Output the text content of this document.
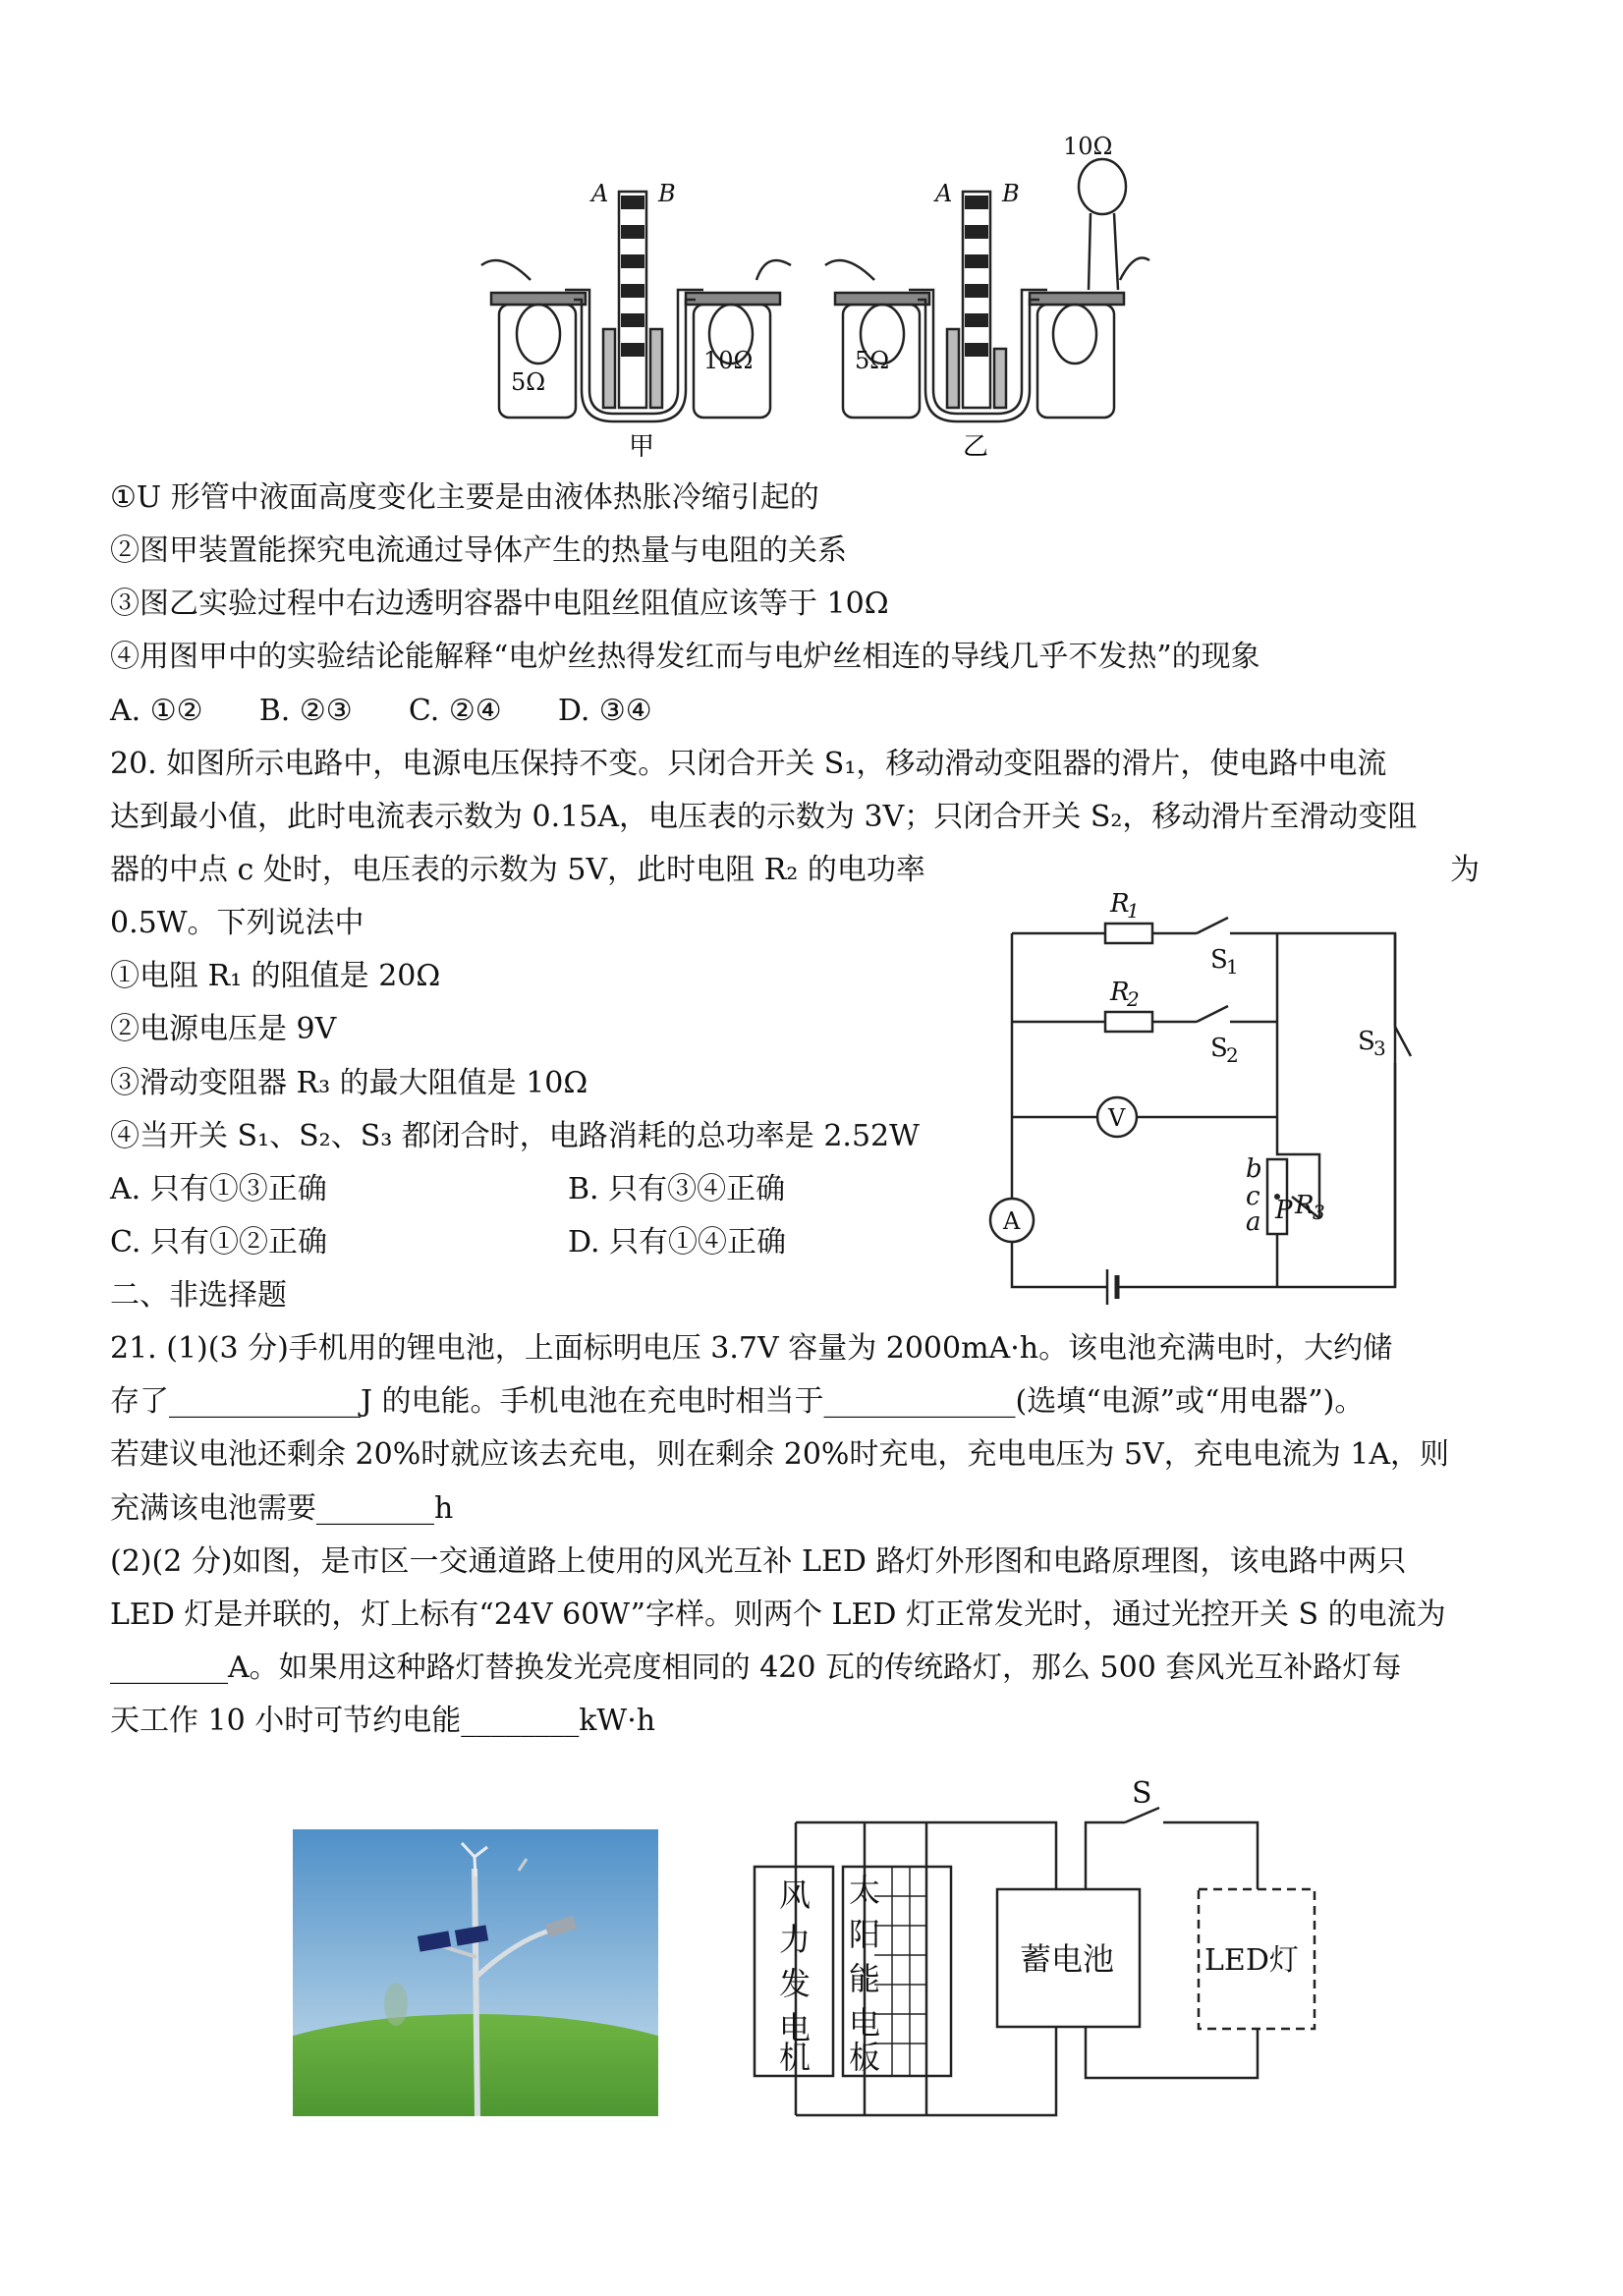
A B	A B
5Ω
10Ω	5Ω
10Ω
甲	乙
①U 形管中液面高度变化主要是由液体热胀冷缩引起的
②图甲装置能探究电流通过导体产生的热量与电阻的关系
③图乙实验过程中右边透明容器中电阻丝阻值应该等于 10Ω
④用图甲中的实验结论能解释“电炉丝热得发红而与电炉丝相连的导线几乎不发热”的现象
A. ①②      B. ②③      C. ②④      D. ③④
20. 如图所示电路中，电源电压保持不变。只闭合开关 S₁，移动滑动变阻器的滑片，使电路中电流
达到最小值，此时电流表示数为 0.15A，电压表的示数为 3V；只闭合开关 S₂，移动滑片至滑动变阻
器的中点 c 处时，电压表的示数为 5V，此时电阻 R₂ 的电功率	为
0.5W。下列说法中
①电阻 R₁ 的阻值是 20Ω
②电源电压是 9V
③滑动变阻器 R₃ 的最大阻值是 10Ω
④当开关 S₁、S₂、S₃ 都闭合时，电路消耗的总功率是 2.52W
A. 只有①③正确	B. 只有③④正确
C. 只有①②正确	D. 只有①④正确
R
1
R
2
P R
3
b
c
a
S
1
S
2	S
3
V
A
二、非选择题
21. (1)(3 分)手机用的锂电池，上面标明电压 3.7V 容量为 2000mA·h。该电池充满电时，大约储
存了_____________J 的电能。手机电池在充电时相当于_____________(选填“电源”或“用电器”)。
若建议电池还剩余 20%时就应该去充电，则在剩余 20%时充电，充电电压为 5V，充电电流为 1A，则
充满该电池需要________h
(2)(2 分)如图，是市区一交通道路上使用的风光互补 LED 路灯外形图和电路原理图，该电路中两只
LED 灯是并联的，灯上标有“24V 60W”字样。则两个 LED 灯正常发光时，通过光控开关 S 的电流为
________A。如果用这种路灯替换发光亮度相同的 420 瓦的传统路灯，那么 500 套风光互补路灯每
天工作 10 小时可节约电能________kW·h
风
力
发
电
机
太
阳
能
电
板
蓄电池	LED灯
S
